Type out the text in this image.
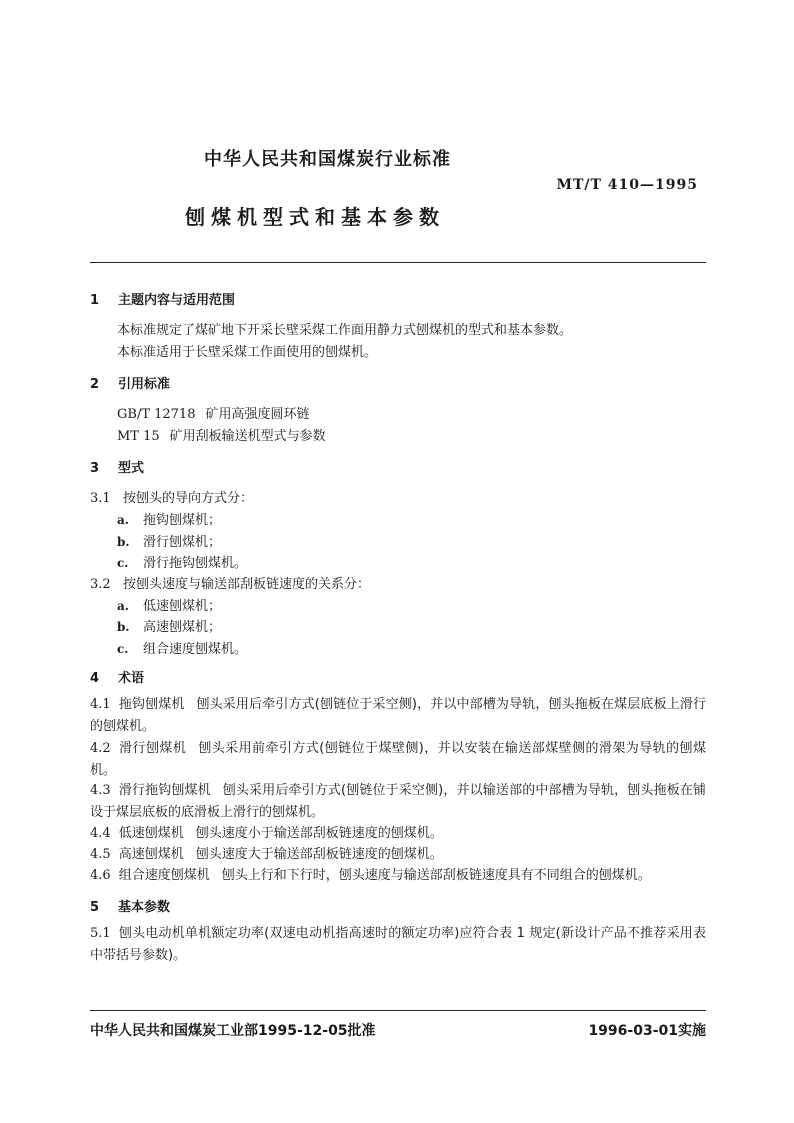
中华人民共和国煤炭行业标准
MT/T 410—1995
刨煤机型式和基本参数
1 主题内容与适用范围
本标准规定了煤矿地下开采长壁采煤工作面用静力式刨煤机的型式和基本参数。
本标准适用于长壁采煤工作面使用的刨煤机。
2 引用标准
GB/T 12718 矿用高强度圆环链
MT 15 矿用刮板输送机型式与参数
3 型式
3.1 按刨头的导向方式分：
a. 拖钩刨煤机；
b. 滑行刨煤机；
c. 滑行拖钩刨煤机。
3.2 按刨头速度与输送部刮板链速度的关系分：
a. 低速刨煤机；
b. 高速刨煤机；
c. 组合速度刨煤机。
4 术语
4.1 拖钩刨煤机 刨头采用后牵引方式(刨链位于采空侧)，并以中部槽为导轨，刨头拖板在煤层底板上滑行的刨煤机。
4.2 滑行刨煤机 刨头采用前牵引方式(刨链位于煤壁侧)，并以安装在输送部煤壁侧的滑架为导轨的刨煤机。
4.3 滑行拖钩刨煤机 刨头采用后牵引方式(刨链位于采空侧)，并以输送部的中部槽为导轨，刨头拖板在铺设于煤层底板的底滑板上滑行的刨煤机。
4.4 低速刨煤机 刨头速度小于输送部刮板链速度的刨煤机。
4.5 高速刨煤机 刨头速度大于输送部刮板链速度的刨煤机。
4.6 组合速度刨煤机 刨头上行和下行时，刨头速度与输送部刮板链速度具有不同组合的刨煤机。
5 基本参数
5.1 刨头电动机单机额定功率(双速电动机指高速时的额定功率)应符合表 1 规定(新设计产品不推荐采用表中带括号参数)。
中华人民共和国煤炭工业部1995-12-05批准	1996-03-01实施
